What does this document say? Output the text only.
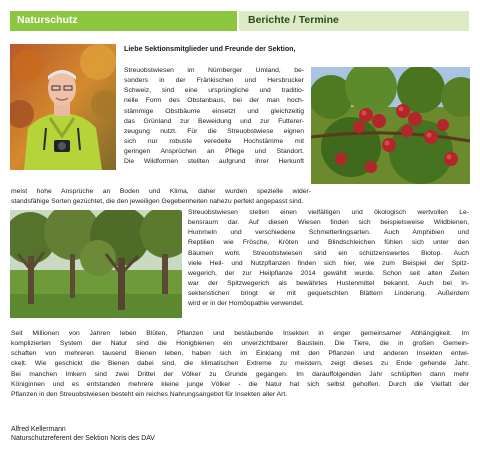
Naturschutz	Berichte / Termine
Liebe Sektionsmitglieder und Freunde der Sektion,
Streuobstwiesen im Nürnberger Umland, be-
sonders in der Fränkischen und Hersbrucker
Schweiz, sind eine ursprüngliche und traditio-
nelle Form des Obstanbaus, bei der man hoch-
stämmige Obstbäume einsetzt und gleichzeitig
das Grünland zur Beweidung und zur Futterer-
zeugung nutzt. Für die Streuobstwiese eignen
sich nur robuste veredelte Hochstämme mit
geringen Ansprüchen an Pflege und Standort.
Die Wildformen stellten aufgrund ihrer Herkunft
meist hohe Ansprüche an Boden und Klima, daher wurden spezielle wider-
standsfähige Sorten gezüchtet, die den jeweiligen Gegebenheiten nahezu perfekt angepasst sind.
Streuobstwiesen stellen einen vielfältigen und ökologisch wertvollen Le-
bensraum dar. Auf diesen Wiesen finden sich beispielsweise Wildbienen,
Hummeln und verschiedene Schmetterlingsarten. Auch Amphibien und
Reptilien wie Frösche, Kröten und Blindschleichen fühlen sich unter den
Bäumen wohl. Streuobstwiesen sind ein schützenswertes Biotop. Auch
viele Heil- und Nutzpflanzen finden sich hier, wie zum Beispiel der Spitz-
wegerich, der zur Heilpflanze 2014 gewählt wurde. Schon seit alten Zeiten
war der Spitzwegerich als bewährtes Hustenmittel bekannt. Auch bei In-
sektenstichen bringt er mit gequetschten Blättern Linderung. Außerdem
wird er in der Homöopathie verwendet.
Seit Millionen von Jahren leben Blüten, Pflanzen und bestäubende Insekten in enger gemeinsamer Abhängigkeit. Im
komplizierten System der Natur sind die Honigbienen ein unverzichtbarer Baustein. Die Tiere, die in großen Gemein-
schaften von mehreren tausend Bienen leben, haben sich im Einklang mit den Pflanzen und anderen Insekten entwi-
ckelt. Wie geschickt die Bienen dabei sind, die klimatischen Extreme zu meistern, zeigt dieses zu Ende gehende Jahr.
Bei manchen Imkern sind zwei Drittel der Völker zu Grunde gegangen. Im darauffolgenden Jahr schlüpften dann mehr
Königinnen und es entstanden mehrere kleine junge Völker - die Natur hat sich selbst geholfen. Durch die Vielfalt der
Pflanzen in den Streuobstwiesen besteht ein reiches Nahrungsangebot für Insekten aller Art.
Alfred Kellermann
Naturschutzreferent der Sektion Noris des DAV
